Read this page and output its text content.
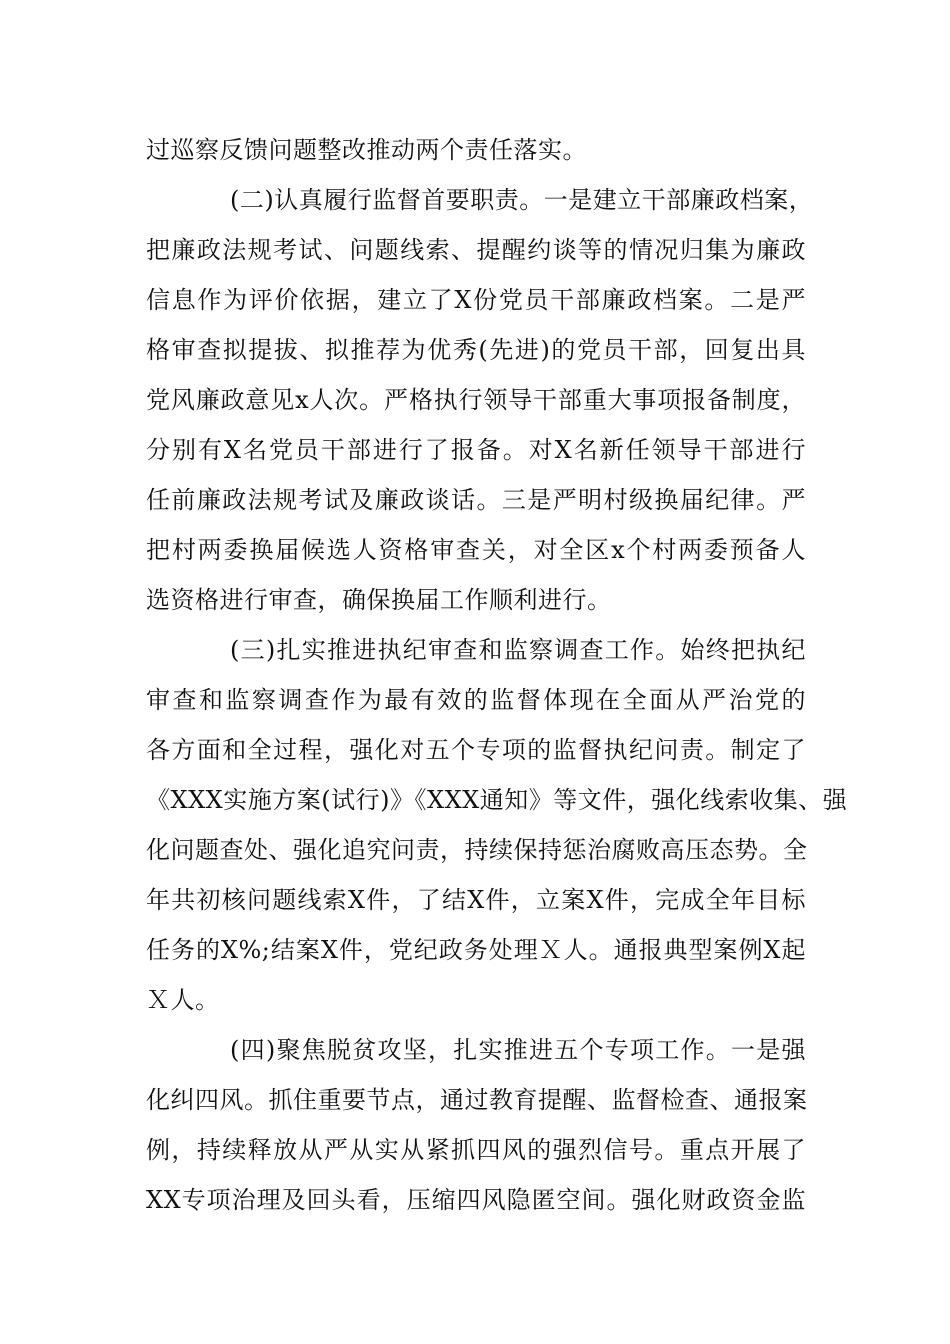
过巡察反馈问题整改推动两个责任落实。
(二)认真履行监督首要职责。一是建立干部廉政档案，
把廉政法规考试、问题线索、提醒约谈等的情况归集为廉政
信息作为评价依据，建立了X份党员干部廉政档案。二是严
格审查拟提拔、拟推荐为优秀(先进)的党员干部，回复出具
党风廉政意见x人次。严格执行领导干部重大事项报备制度，
分别有X名党员干部进行了报备。对X名新任领导干部进行
任前廉政法规考试及廉政谈话。三是严明村级换届纪律。严
把村两委换届候选人资格审查关，对全区x个村两委预备人
选资格进行审查，确保换届工作顺利进行。
(三)扎实推进执纪审查和监察调查工作。始终把执纪
审查和监察调查作为最有效的监督体现在全面从严治党的
各方面和全过程，强化对五个专项的监督执纪问责。制定了
《XXX实施方案(试行)》《XXX通知》等文件，强化线索收集、强
化问题查处、强化追究问责，持续保持惩治腐败高压态势。全
年共初核问题线索X件，了结X件，立案X件，完成全年目标
任务的X%;结案X件，党纪政务处理Ｘ人。通报典型案例X起
Ｘ人。
(四)聚焦脱贫攻坚，扎实推进五个专项工作。一是强
化纠四风。抓住重要节点，通过教育提醒、监督检查、通报案
例，持续释放从严从实从紧抓四风的强烈信号。重点开展了
XX专项治理及回头看，压缩四风隐匿空间。强化财政资金监
